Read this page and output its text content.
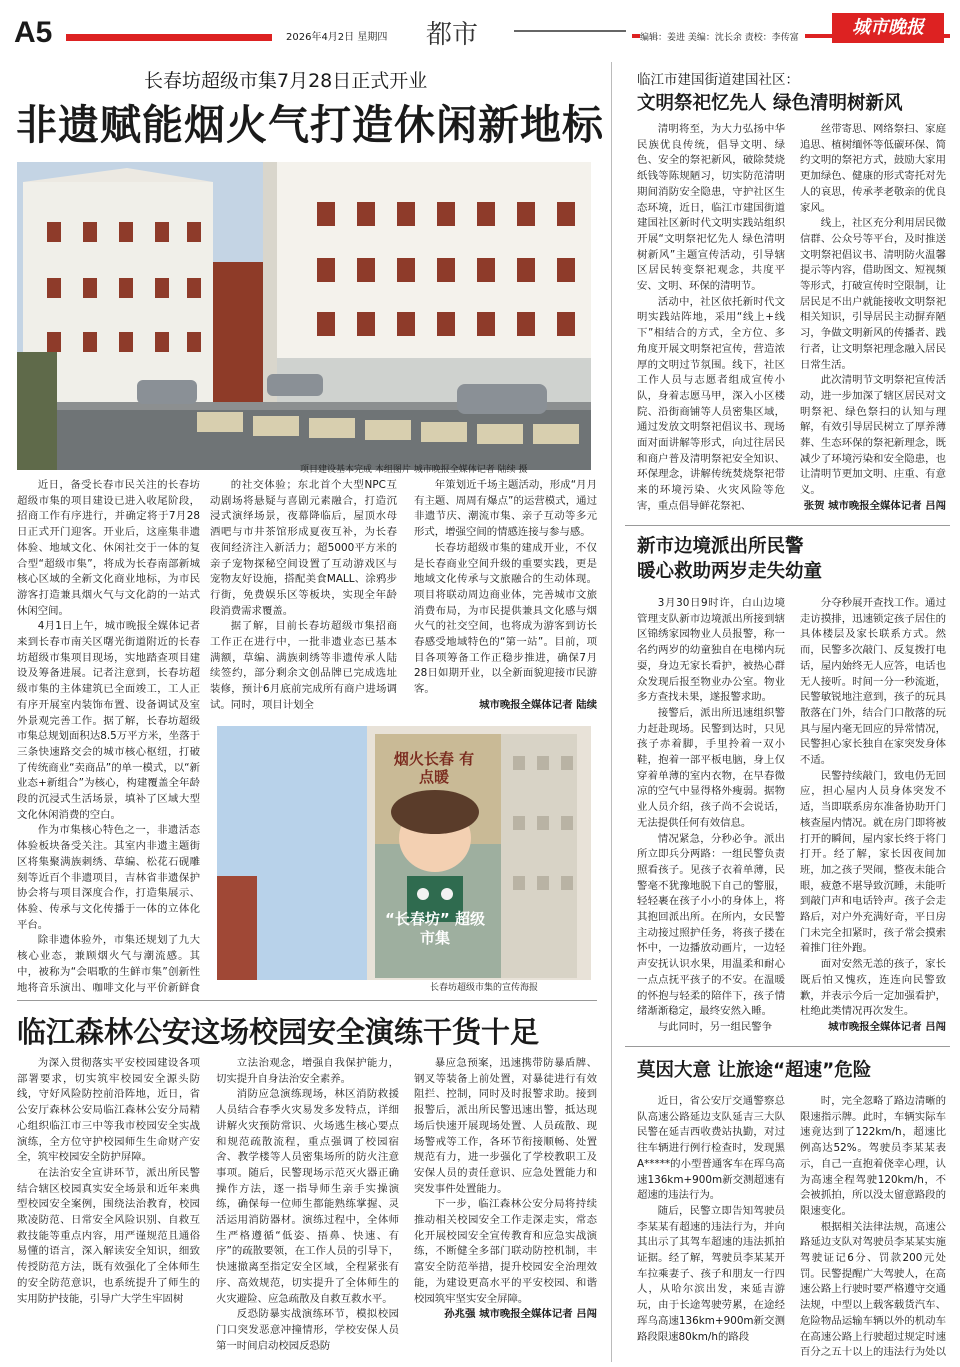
A5	2026年4月2日 星期四 都市	编辑：姜进 美编：沈长余 责校：李传富	城市晚报
长春坊超级市集7月28日正式开业
非遗赋能烟火气打造休闲新地标
项目建设基本完成 本组图片 城市晚报全媒体记者 陆续 摄

近日，备受长春市民关注的长春坊超级市集的项目建设已进入收尾阶段，招商工作有序进行，并确定将于7月28日正式开门迎客。开业后，这座集非遗体验、地域文化、休闲社交于一体的复合型“超级市集”，将成为长春南部新城核心区域的全新文化商业地标，为市民游客打造兼具烟火气与文化韵的一站式休闲空间。

4月1日上午，城市晚报全媒体记者来到长春市南关区曙光街道附近的长春坊超级市集项目现场，实地踏查项目建设及筹备进展。记者注意到，长春坊超级市集的主体建筑已全面竣工，工人正有序开展室内装饰布置、设备调试及室外景观完善工作。据了解，长春坊超级市集总规划面积达8.5万平方米，坐落于三条快速路交会的城市核心枢纽，打破了传统商业“卖商品”的单一模式，以“新业态+新组合”为核心，构建覆盖全年龄段的沉浸式生活场景，填补了区域大型文化休闲消费的空白。

作为市集核心特色之一，非遗活态体验板块备受关注。其室内非遗主题街区将集聚满族刺绣、草编、松花石砚雕刻等近百个非遗项目，吉林省非遗保护协会将与项目深度合作，打造集展示、体验、传承与文化传播于一体的立体化平台。

除非遗体验外，市集还规划了九大核心业态，兼顾烟火气与潮流感。其中，被称为“会唱歌的生鲜市集”创新性地将音乐演出、咖啡文化与平价新鲜食

的社交体验；东北首个大型NPC互动剧场将悬疑与喜剧元素融合，打造沉浸式演绎场景，夜幕降临后，屋顶水母酒吧与市井茶馆形成夏夜互补，为长春夜间经济注入新活力；超5000平方米的亲子宠物探秘空间设置了互动游戏区与宠物友好设施，搭配美食MALL、涂鸦步行街，免费娱乐区等板块，实现全年龄段消费需求覆盖。

据了解，目前长春坊超级市集招商工作正在进行中，一批非遗业态已基本满额，草编、满族刺绣等非遗传承人陆续签约，部分剩余文创品牌已完成选址装修，预计6月底前完成所有商户进场调试。同时，项目计划全

年策划近千场主题活动，形成“月月有主题、周周有爆点”的运营模式，通过非遗节庆、潮流市集、亲子互动等多元形式，增强空间的情感连接与参与感。

长春坊超级市集的建成开业，不仅是长春商业空间升级的重要实践，更是地域文化传承与文旅融合的生动体现。项目将联动周边商业体，完善城市文旅消费布局，为市民提供兼具文化感与烟火气的社交空间，也将成为游客到访长春感受地域特色的“第一站”。目前，项目各项筹备工作正稳步推进，确保7月28日如期开业，以全新面貌迎接市民游客。

城市晚报全媒体记者 陆续
烟火长春 有点暖
“长春坊” 超级市集
长春坊超级市集的宣传海报
临江森林公安这场校园安全演练干货十足

为深入贯彻落实平安校园建设各项部署要求，切实筑牢校园安全源头防线，守好风险防控前沿阵地，近日，省公安厅森林公安局临江森林公安分局精心组织临江市三中等我市校园安全实战演练，全方位守护校园师生生命财产安全，筑牢校园安全防护屏障。

在法治安全宣讲环节，派出所民警结合辖区校园真实安全场景和近年来典型校园安全案例，围绕法治教育，校园欺凌防范、日常安全风险识别、自救互救技能等重点内容，用严谨规范且通俗易懂的语言，深入解读安全知识，细致传授防范方法，既有效强化了全体师生的安全防范意识，也系统提升了师生的实用防护技能，引导广大学生牢固树

立法治观念，增强自我保护能力，切实提升自身法治安全素养。

消防应急演练现场，林区消防救援人员结合春季火灾易发多发特点，详细讲解火灾预防常识、火场逃生核心要点和规范疏散流程，重点强调了校园宿舍、教学楼等人员密集场所的防火注意事项。随后，民警现场示范灭火器正确操作方法，逐一指导师生亲手实操演练，确保每一位师生都能熟练掌握、灵活运用消防器材。演练过程中，全体师生严格遵循“低姿、捂鼻、快速、有序”的疏散要领，在工作人员的引导下，快速撤离至指定安全区域，全程紧张有序、高效规范，切实提升了全体师生的火灾避险、应急疏散及自救互救水平。

反恐防暴实战演练环节，模拟校园门口突发恶意冲撞情形，学校安保人员第一时间启动校园反恐防

暴应急预案，迅速携带防暴盾牌、钢叉等装备上前处置，对暴徒进行有效阻拦、控制，同时及时报警求助。接到报警后，派出所民警迅速出警，抵达现场后快速开展现场处置、人员疏散、现场警戒等工作，各环节衔接顺畅、处置规范有力，进一步强化了学校教职工及安保人员的责任意识、应急处置能力和突发事件处置能力。

下一步，临江森林公安分局将持续推动相关校园安全工作走深走实，常态化开展校园安全宣传教育和应急实战演练，不断健全多部门联动防控机制，丰富安全防范举措，提升校园安全治理效能，为建设更高水平的平安校园、和谐校园筑牢坚实安全屏障。

孙兆强 城市晚报全媒体记者 吕闯
临江市建国街道建国社区：
文明祭祀忆先人 绿色清明树新风

清明将至，为大力弘扬中华民族优良传统，倡导文明、绿色、安全的祭祀新风，破除焚烧纸钱等陈规陋习，切实防范清明期间消防安全隐患，守护社区生态环境，近日，临江市建国街道建国社区新时代文明实践站组织开展“文明祭祀忆先人 绿色清明树新风”主题宣传活动，引导辖区居民转变祭祀观念，共度平安、文明、环保的清明节。

活动中，社区依托新时代文明实践站阵地，采用“线上+线下”相结合的方式，全方位、多角度开展文明祭祀宣传，营造浓厚的文明过节氛围。线下，社区工作人员与志愿者组成宣传小队，身着志愿马甲，深入小区楼院、沿街商铺等人员密集区域，通过发放文明祭祀倡议书、现场面对面讲解等形式，向过往居民和商户普及清明祭祀安全知识、环保理念，讲解传统焚烧祭祀带来的环境污染、火灾风险等危害，重点倡导鲜花祭祀、

丝带寄思、网络祭扫、家庭追思、植树缅怀等低碳环保、简约文明的祭祀方式，鼓励大家用更加绿色、健康的形式寄托对先人的哀思，传承孝老敬亲的优良家风。

线上，社区充分利用居民微信群、公众号等平台，及时推送文明祭祀倡议书、清明防火温馨提示等内容，借助图文、短视频等形式，打破宣传时空限制，让居民足不出户就能接收文明祭祀相关知识，引导居民主动摒弃陋习，争做文明新风的传播者、践行者，让文明祭祀理念融入居民日常生活。

此次清明节文明祭祀宣传活动，进一步加深了辖区居民对文明祭祀、绿色祭扫的认知与理解，有效引导居民树立了厚养薄葬、生态环保的祭祀新理念，既减少了环境污染和安全隐患，也让清明节更加文明、庄重、有意义。

张贺 城市晚报全媒体记者 吕闯
新市边境派出所民警
暖心救助两岁走失幼童

3月30日9时许，白山边境管理支队新市边境派出所接到辖区锦绣家园物业人员报警，称一名约两岁的幼童独自在电梯内玩耍，身边无家长看护，被热心群众发现后报至物业办公室。物业多方查找未果，遂报警求助。

接警后，派出所迅速组织警力赶赴现场。民警到达时，只见孩子赤着脚，手里拎着一双小鞋，抱着一部平板电脑，身上仅穿着单薄的室内衣物，在早春微凉的空气中显得格外瘦弱。据物业人员介绍，孩子尚不会说话，无法提供任何有效信息。

情况紧急，分秒必争。派出所立即兵分两路：一组民警负责照看孩子。见孩子衣着单薄，民警毫不犹豫地脱下自己的警服，轻轻裹在孩子小小的身体上，将其抱回派出所。在所内，女民警主动接过照护任务，将孩子搂在怀中，一边播放动画片，一边轻声安抚认识水果，用温柔和耐心一点点抚平孩子的不安。在温暖的怀抱与轻柔的陪伴下，孩子情绪渐渐稳定，最终安然入睡。

与此同时，另一组民警争

分夺秒展开查找工作。通过走访摸排，迅速锁定孩子居住的具体楼层及家长联系方式。然而，民警多次敲门、反复拨打电话，屋内始终无人应答，电话也无人接听。时间一分一秒流逝，民警敏锐地注意到，孩子的玩具散落在门外，结合门口散落的玩具与屋内毫无回应的异常情况，民警担心家长独自在家突发身体不适。

民警持续敲门，致电仍无回应，担心屋内人员身体突发不适，当即联系房东准备协助开门核查屋内情况。就在房门即将被打开的瞬间，屋内家长终于将门打开。经了解，家长因夜间加班，加之孩子哭闹，整夜未能合眼，疲惫不堪导致沉睡，未能听到敲门声和电话铃声。孩子会走路后，对户外充满好奇，平日房门未完全扣紧时，孩子常会摸索着推门往外跑。

面对安然无恙的孩子，家长既后怕又愧疚，连连向民警致歉，并表示今后一定加强看护，杜绝此类情况再次发生。

城市晚报全媒体记者 吕闯
莫因大意 让旅途“超速”危险

近日，省公安厅交通警察总队高速公路延边支队延吉三大队民警在延吉西收费站执勤，对过往车辆进行例行检查时，发现黑A*****的小型普通客车在珲乌高速136km+900m新交测超速有超速的违法行为。

随后，民警立即告知驾驶员李某某有超速的违法行为，并向其出示了其驾车超速的违法抓拍证据。经了解，驾驶员李某某开车拉乘妻子、孩子和朋友一行四人，从哈尔滨出发，来延吉游玩，由于长途驾驶劳累，在途经珲乌高速136km+900m新交测路段限速80km/h的路段

时，完全忽略了路边清晰的限速指示牌。此时，车辆实际车速竟达到了122km/h，超速比例高达52%。驾驶员李某某表示，自己一直抱着侥幸心理，认为高速全程驾驶120km/h，不会被抓拍，所以没太留意路段的限速变化。

根据相关法律法规，高速公路延边支队对驾驶员李某某实施驾驶证记6分、罚款200元处罚。民警提醒广大驾驶人，在高速公路上行驶时要严格遵守交通法规，中型以上载客载货汽车、危险物品运输车辆以外的机动车在高速公路上行驶超过规定时速百分之五十以上的违法行为处以
